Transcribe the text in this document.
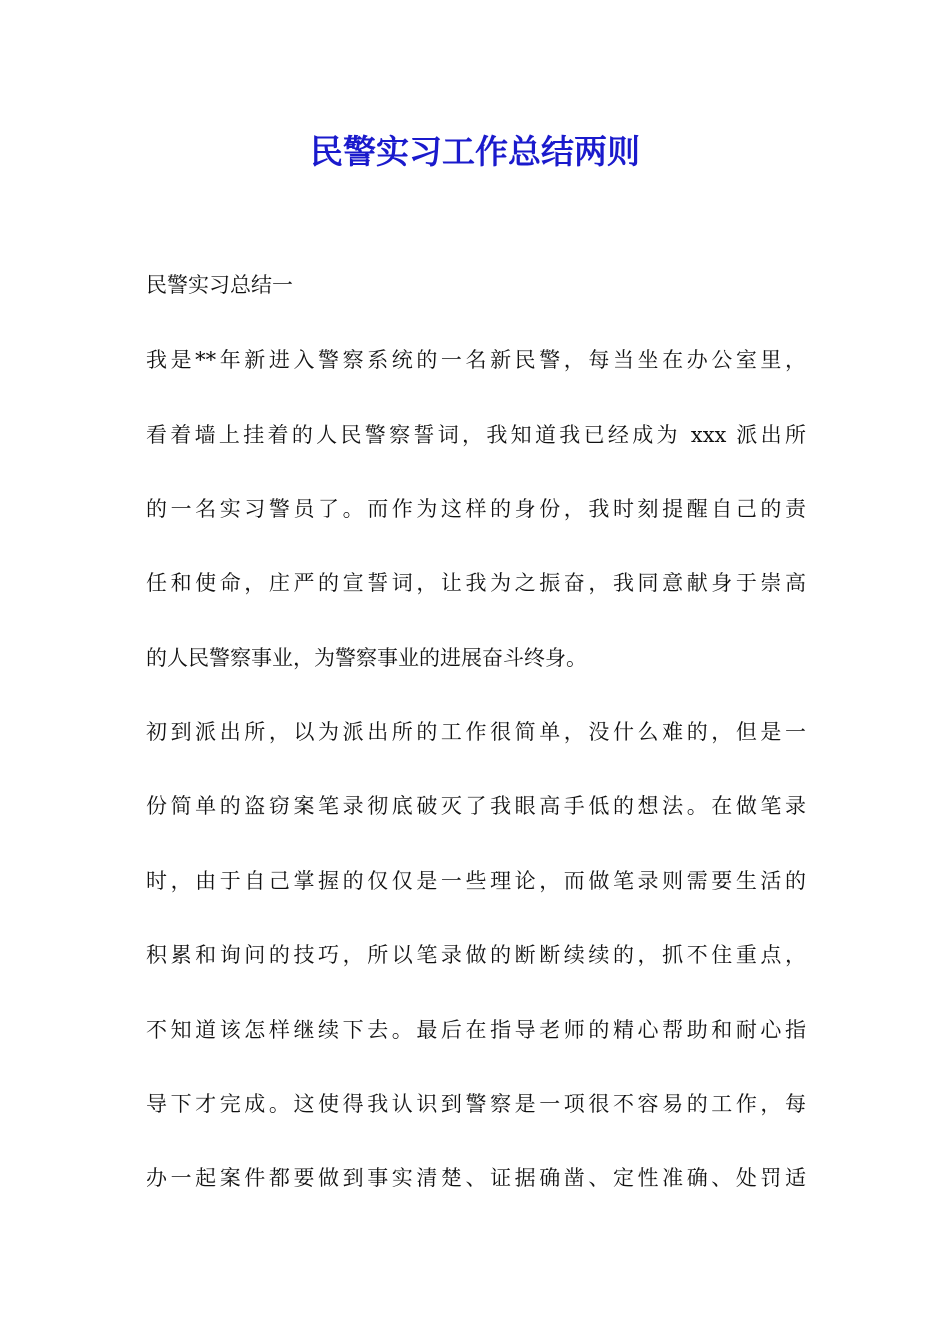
民警实习工作总结两则
民警实习总结一
我是**年新进入警察系统的一名新民警，每当坐在办公室里，
看着墙上挂着的人民警察誓词，我知道我已经成为 xxx 派出所
的一名实习警员了。而作为这样的身份，我时刻提醒自己的责
任和使命，庄严的宣誓词，让我为之振奋，我同意献身于崇高
的人民警察事业，为警察事业的进展奋斗终身。
初到派出所，以为派出所的工作很简单，没什么难的，但是一
份简单的盗窃案笔录彻底破灭了我眼高手低的想法。在做笔录
时，由于自己掌握的仅仅是一些理论，而做笔录则需要生活的
积累和询问的技巧，所以笔录做的断断续续的，抓不住重点，
不知道该怎样继续下去。最后在指导老师的精心帮助和耐心指
导下才完成。这使得我认识到警察是一项很不容易的工作，每
办一起案件都要做到事实清楚、证据确凿、定性准确、处罚适
